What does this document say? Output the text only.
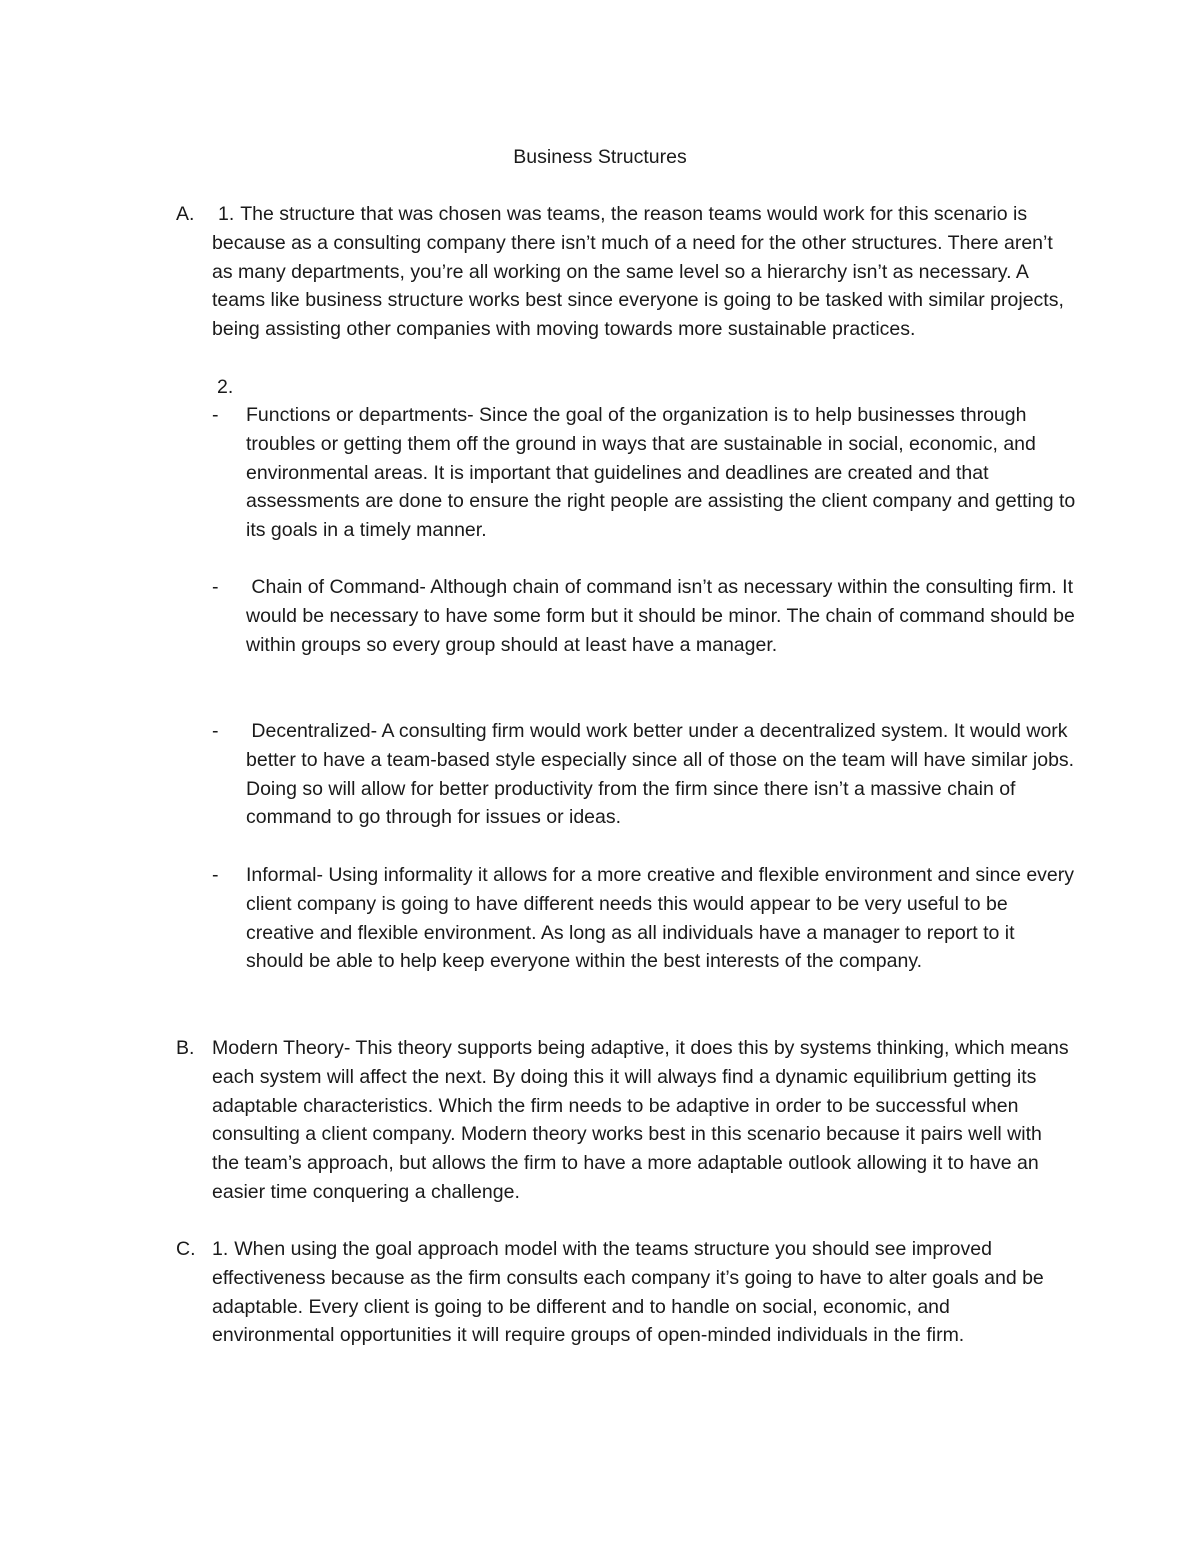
Business Structures
A.	1. The structure that was chosen was teams, the reason teams would work for this scenario is because as a consulting company there isn’t much of a need for the other structures. There aren’t as many departments, you’re all working on the same level so a hierarchy isn’t as necessary. A teams like business structure works best since everyone is going to be tasked with similar projects, being assisting other companies with moving towards more sustainable practices.
2.
-	Functions or departments- Since the goal of the organization is to help businesses through troubles or getting them off the ground in ways that are sustainable in social, economic, and environmental areas. It is important that guidelines and deadlines are created and that assessments are done to ensure the right people are assisting the client company and getting to its goals in a timely manner.
-	Chain of Command- Although chain of command isn’t as necessary within the consulting firm. It would be necessary to have some form but it should be minor. The chain of command should be within groups so every group should at least have a manager.
-	Decentralized- A consulting firm would work better under a decentralized system. It would work better to have a team-based style especially since all of those on the team will have similar jobs. Doing so will allow for better productivity from the firm since there isn’t a massive chain of command to go through for issues or ideas.
-	Informal- Using informality it allows for a more creative and flexible environment and since every client company is going to have different needs this would appear to be very useful to be creative and flexible environment. As long as all individuals have a manager to report to it should be able to help keep everyone within the best interests of the company.
B. Modern Theory- This theory supports being adaptive, it does this by systems thinking, which means each system will affect the next. By doing this it will always find a dynamic equilibrium getting its adaptable characteristics. Which the firm needs to be adaptive in order to be successful when consulting a client company. Modern theory works best in this scenario because it pairs well with the team’s approach, but allows the firm to have a more adaptable outlook allowing it to have an easier time conquering a challenge.
C. 1. When using the goal approach model with the teams structure you should see improved effectiveness because as the firm consults each company it’s going to have to alter goals and be adaptable. Every client is going to be different and to handle on social, economic, and environmental opportunities it will require groups of open-minded individuals in the firm.
